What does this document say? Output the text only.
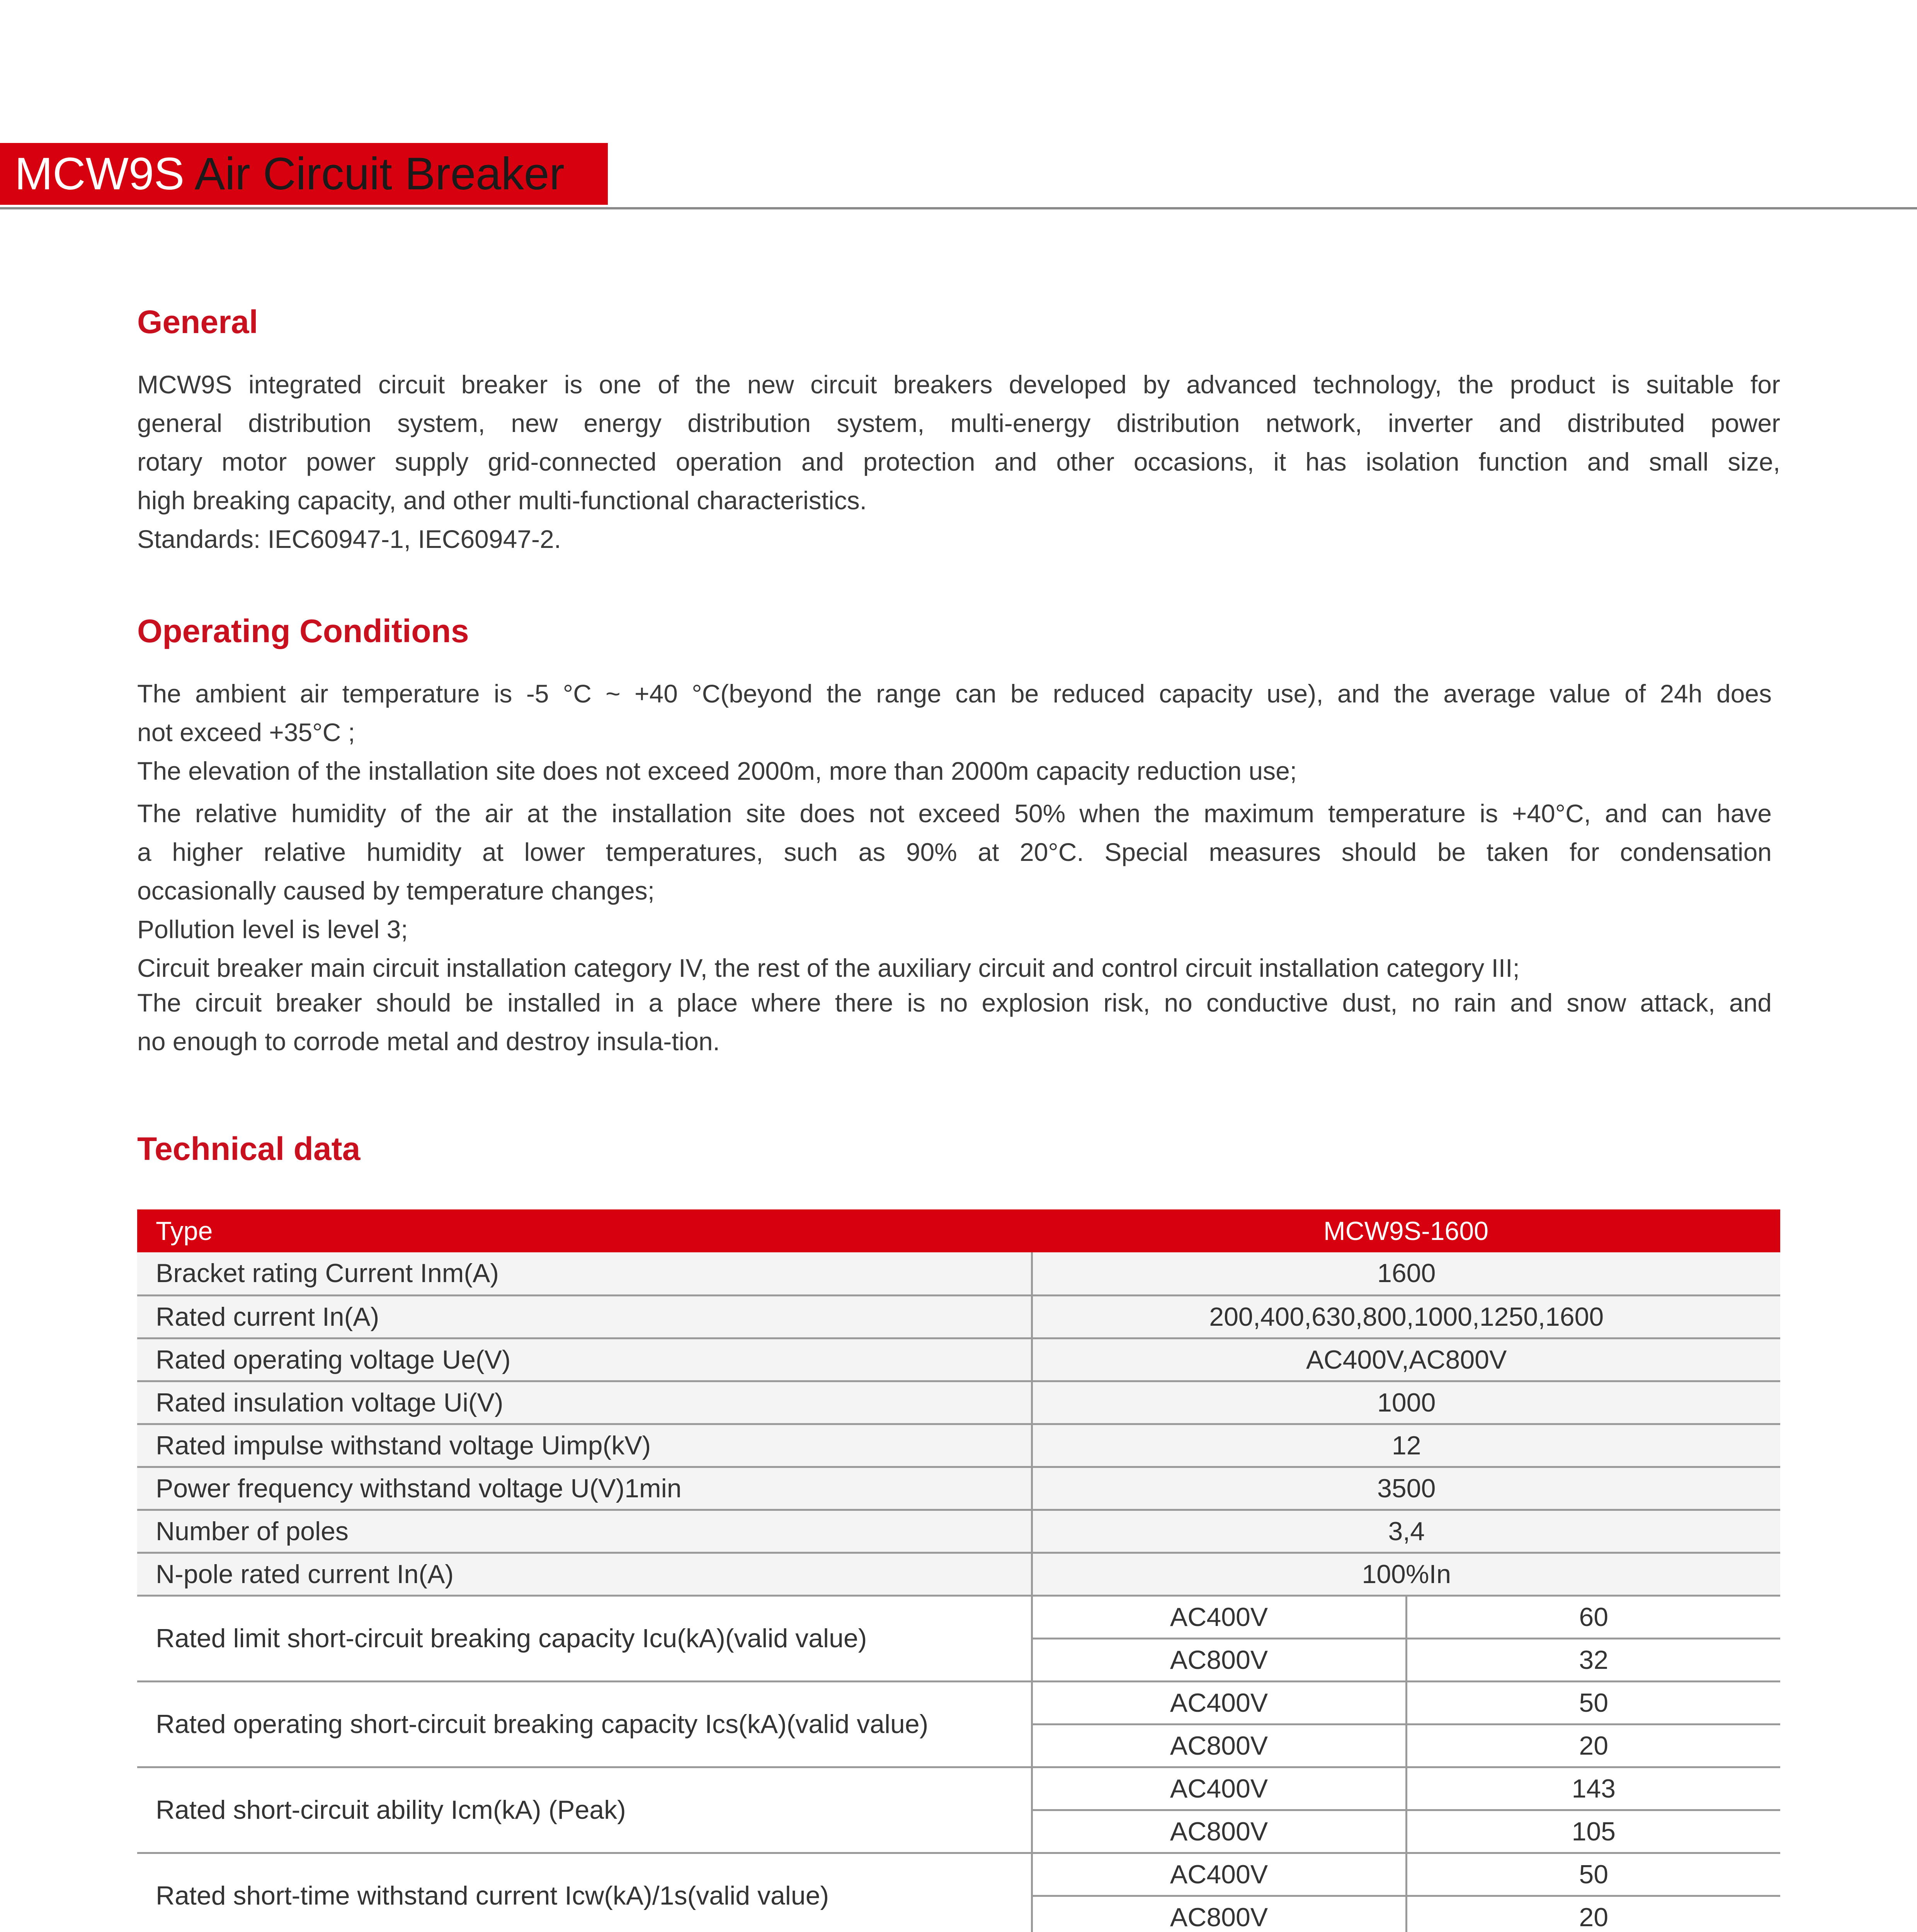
MCW9S Air Circuit Breaker
General
MCW9S integrated circuit breaker is one of the new circuit breakers developed by advanced technology, the product is suitable for
general distribution system, new energy distribution system, multi-energy distribution network, inverter and distributed power
rotary motor power supply grid-connected operation and protection and other occasions, it has isolation function and small size,
high breaking capacity, and other multi-functional characteristics.
Standards: IEC60947-1, IEC60947-2.
Operating Conditions
The ambient air temperature is -5 °C ~ +40 °C(beyond the range can be reduced capacity use), and the average value of 24h does
not exceed +35°C ;
The elevation of the installation site does not exceed 2000m, more than 2000m capacity reduction use;
The relative humidity of the air at the installation site does not exceed 50% when the maximum temperature is +40°C, and can have
a higher relative humidity at lower temperatures, such as 90% at 20°C. Special measures should be taken for condensation
occasionally caused by temperature changes;
Pollution level is level 3;
Circuit breaker main circuit installation category IV, the rest of the auxiliary circuit and control circuit installation category III;
The circuit breaker should be installed in a place where there is no explosion risk, no conductive dust, no rain and snow attack, and
no enough to corrode metal and destroy insula-tion.
Technical data
Type	MCW9S-1600	
Bracket rating Current Inm(A)	1600	
Rated current In(A)	200,400,630,800,1000,1250,1600	
Rated operating voltage Ue(V)	AC400V,AC800V	
Rated insulation voltage Ui(V)	1000	
Rated impulse withstand voltage Uimp(kV)	12	
Power frequency withstand voltage U(V)1min	3500	
Number of poles	3,4	
N-pole rated current In(A)	100%In	
Rated limit short-circuit breaking capacity Icu(kA)(valid value)	AC400V	60
	AC800V	32
Rated operating short-circuit breaking capacity Ics(kA)(valid value)	AC400V	50
	AC800V	20
Rated short-circuit ability Icm(kA) (Peak)	AC400V	143
	AC800V	105
Rated short-time withstand current Icw(kA)/1s(valid value)	AC400V	50
	AC800V	20
